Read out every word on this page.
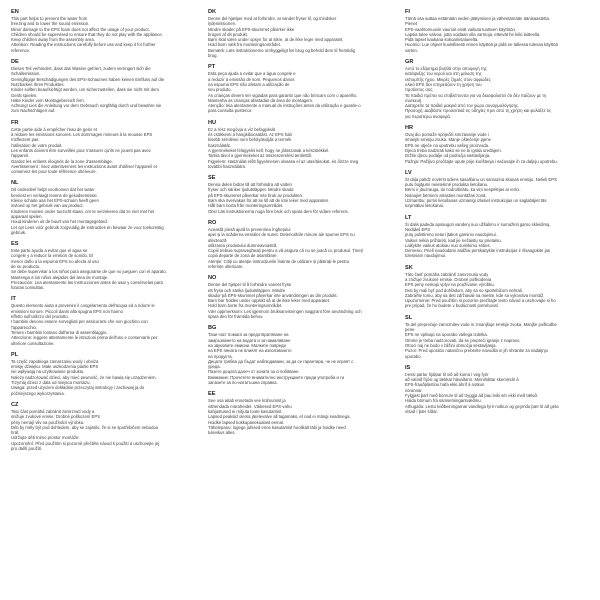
EN
This part helps to prevent the water from
freezing and to lower the sound emission.
Minor damage to the EPS foam does not affect the usage of your product.
Children should be supervised to ensure that they do not play with the appliance.
Keep children away from the assembly area.
Attention: Reading the instructions carefully before use and keep it for further
reference.
DE
Dieses Teil verhindert, dass das Wasser gefriert, zudem verringert sich die
Schallemission.
Geringfügige Beschädigungen des EPS-Schaumes haben keinen Einfluss auf die
Nutzbarkeit Ihres Produktes.
Kinder sollten beaufsichtigt werden, um sicherzustellen, dass sie nicht mit dem
Gerät spielen.
Halte Kinder vom Montagebereich fern.
Achtung! Lies die Anleitung vor dem Gebrauch sorgfältig durch und bewahre sie
zum Nachschlagen auf.
FR
Cette partie aide à empêcher l'eau de geler et
à réduire les émissions sonores. Les dommages mineurs à la mousse EPS
n'affectent pas
l'utilisation de votre produit.
Les enfants doivent être surveillés pour s'assurer qu'ils ne jouent pas avec
l'appareil.
Gardez les enfants éloignés de la zone d'assemblage.
Avertissement : lisez attentivement les instructions avant d'utiliser l'appareil et
conservez-les pour toute référence ultérieure.
NL
Dit onderdeel helpt voorkomen dat het water
bevriest en verlaagt tevens de geluidsemissie.
Kleine schade aan het EPS-schuim heeft geen
invloed op het gebruik van uw product.
Kinderen moeten onder toezicht staan, om te verzekeren dat ze niet met het
apparaat spelen.
Houd kinderen uit de buurt van het montagegebied.
Let op! Lees vóór gebruik zorgvuldig de instructies en bewaar ze voor toekomstig
gebruik.
ES
Esta parte ayuda a evitar que el agua se
congele y a reducir la emisión de sonido. El
menor daño a la espuma EPS no afecta al uso
de su producto.
Se debe supervisar a los niños para asegurarse de que no jueguen con el aparato.
Mantenga a los niños alejados del área de montaje.
Precaución: Lea atentamente las instrucciones antes de usar y consérvelas para
futuras consultas.
IT
Questo elemento aiuta a prevenire il congelamento dell'acqua ed a ridurre le
emissioni sonore. Piccoli danni alla spugna EPS non hanno
effetto sull'utilizzo del prodotto.
I bambini devono essere sorvegliati per assicurarsi che non giochino con
l'apparecchio.
Tenere i bambini lontano dall'area di assemblaggio.
Attenzione: leggere attentamente le istruzioni prima dell'uso e conservarle per
ulteriore consultazione.
PL
Ta część zapobiega zamarzaniu wody i obniża
emisję dźwięku. Małe uszkodzenia pianki EPS
nie wpływają na użytkowanie produktu.
Należy nadzorować dzieci, aby mieć pewność, że nie bawią się urządzeniem.
Trzymaj dzieci z dala od miejsca montażu.
Uwaga: przed użyciem dokładnie przeczytaj instrukcję i zachowaj ją do
późniejszego wykorzystania.
CZ
Tato část pomáhá zabránit zamrznutí vody a
snižuje zvukové emise. Drobné poškození EPS
pěny nemají vliv na používání výrobku.
Děti by měly být pod dohledem, aby se zajistilo, že si se spotřebičem nebudou
hrát.
Udržujte děti mimo prostor montáže.
Upozornění: Před použitím si pozorně přečtěte návod k použití a uschovejte jej
pro další použití.
DK
Denne del hjælper med at forhindre, at vandet fryser til, og mindsker
lydemissionen.
Mindre skader på EPS-skummet påvirker ikke
brugen af dit produkt.
Børn skal være under opsyn for at sikre, at de ikke leger med apparatet.
Hold børn væk fra monteringsområdet.
Bemærk: Læs instruktionerne omhyggeligt før brug og behold dem til fremtidig
brug.
PT
Esta peça ajuda a evitar que a água congele e
a reduzir a emissão de som. Pequenos danos
na espuma EPS não afetam a utilização de
seu produto.
As crianças devem ser vigiadas para garantir que não brincam com o aparelho.
Mantenha as crianças afastadas da área de montagem.
Atenção: leia atentamente a manual de instruções antes da utilização e guarde-o
para consulta posterior.
HU
Ez a rész megóvja a víz befagyását
és csökkenti a hangkibocsátást. Az EPS hab
kisebb sérülései nem befolyásolják a termék
használatát.
A gyermekeket felügyelni kell, hogy ne játsszanak a készülékkel.
Tartsa távol a gyermekeket az összeszerelési területtől.
Figyelem: Használat előtt figyelmesen olvassa el az utasításokat, és őrizze meg
további használatra.
SE
Denna delen bidrar till att förhindra att vatten
fryser och sänker ljudutsläppet. Mindre skada
på EPS-skummet påverkar inte bruk av produkten.
Barn ska övervakas för att se till att de inte leker med apparaten.
Håll barn borta från monteringsområdet.
Obs! Läs instruktionerna noga före bruk och spara dem för vidare referens.
RO
Această piesă ajută la prevenirea înghețului
apei și la scăderea emisiilor de sunet. Deteriorările minore ale spumei EPS nu
afectează
utilizarea produsului dumneavoastră.
Copiii trebuie supravegheați pentru a vă asigura că nu se joacă cu produsul. Țineți
copiii departe de zona de asamblare.
Atenție: Citiți cu atenție instrucțiunile înainte de utilizare și păstrați-le pentru
referințe ulterioare.
NO
Denne del hjelper til å forhindre vannet fryse
ett frysa och sänka ljudutsläppen. Mindre
skador på EPS-skummet påverkar inte användningen av din produkt.
Barn bør holdes under oppsikt så at de ikke leker med apparatet.
Hold barn borte fra monteringsområdet.
Vær oppmerksom: Les igjennom bruksanvisningen nøggrant före användning och
spara den för framtida behov.
BG
Тази част помага за предотвратяване на
замръзването на водата и за намаляване
на звуковите емисии. Малките повреди
на EPS пяната не влияят на използването
на продукта.
Децата трябва да бъдат наблюдавани, за да се гарантира, че не играят с
уреда.
Пазете децата далеч от зоната за сглобяване.
Внимание: Прочетете внимателно инструкциите преди употреба и ги
запазете за по-нататъшна справка.
EE
See osa aitab ennetada vee külmumist ja
vähendada müraheidet. Väikesed EPS-vahu
kahjustused ei mõjuta toote kasutamist.
Lapsed peaksid olema järelevalve all tagamaks, et nad ei mängi seadmega.
Hoidke lapsed kokkupanekualast eemal.
Tähelepanu: lugege juhised enne kasutamist hoolikalt läbi ja hoidke need
tulevikus alles.
FI
Tämä osa auttaa estämään veden jäätymisen ja vähentämään äänisaastetta.
Pienet
EPS-vaahtomuovin vaurioit eivät vaikuta tuotteen käyttöön.
Lapsia tulee valvoa, jotta voidaan olla varmoja, etteivät he leiki laitteella.
Pidä lapset kaukana kokoamisalueelta.
Huomio: Lue ohjeet huolellisesti ennen käyttöä ja pidä ne tallessa tulevaa käyttöä
varten.
GR
Αυτό το εξάρτημα βοηθά στην αποφυγή της
κατάψυξης του νερού και στη μείωση της
εκπομπής ήχου. Μικρές ζημιές στον αφρώδες
υλικό EPS δεν επηρεάζουν τη χρήση του
προϊόντος σας.
Τα παιδιά πρέπει να επιβλέπονται για να διασφαλιστεί ότι δεν παίζουν με τη
συσκευή.
Διατηρείτε τα παιδιά μακριά από τον χώρο συναρμολόγησης.
Προσοχή: Διαβάστε προσεκτικά τις οδηγίες πριν από τη χρήση και φυλάξτε τις
για περαιτέρω αναφορά.
HR
Ovaj dio pomaže spriječiti smrzavanje vode i
smanjiti emisiju zvuka. Manje oštećenje pjene
EPS ne utječe na upotrebu vašeg proizvoda.
Djeca treba nadzirati kako se ne bi igrala uređajem.
Držite djecu podalje od područja sastavljanja.
Pažnja: Pažljivo pročitajte upute prije korištenja i sačuvajte ih za daljnju upotrebu.
LV
Šī daļa palīdz novērst ūdens sasalšanu un samazina skaņas emisiju. Nelieli EPS
putu bojājumi neietekmē produkta lietošanu.
Bērni ir jāuzrauga, lai nodrošinātu, ka viņi nespēlējas ar ierīci.
Neļaujiet bērniem atrasties montāžas zonā.
Uzmanību: pirms lietošanas uzmanīgi izlasiet instrukcijas un saglabājiet tās
turpmākai lietošanai.
LT
Ši dalis padeda apsaugoti vandenį nuo užšalimo ir sumažinti garso skleidimą.
Nedideli EPS
putų polistireno neturi įtakos gaminio naudojimui.
Vaikus reikia prižiūrėti, kad jie nežaistų su prietaisu.
Laikykite vaikus atokiau nuo surinkimo srities.
Dėmesio: Prieš naudodami atidžiai perskaitykite instrukcijas ir išsaugokite jas
tolesniam naudojimui.
SK
Táto časť pomáha zabrániť zamrznutiu vody
a znižuje zvukové emisie. Drobné poškodenia
EPS peny nemajú vplyv na používanie výrobku.
Deti by mali byť pod dohľadom, aby sa so spotrebičom nehrali.
Zabráňte tomu, aby sa deti zdržiavali na mieste, kde sa vykonáva montáž.
Upozornenie: Pred použitím si pozorne prečítajte tento návod a uschovajte si ho
pre prípad, že ho budete v budúcnosti potrebovať.
SL
Ta del preprečuje zamrznitev vode in zmanjšuje emisije zvoka. Manjše poškodbe
pene
EPS ne vplivajo na uporabo vašega izdelka.
Otroke je treba nadzorovati, da se prepreči igranje z napravo.
Otroci naj ne bodo v bližini območja sestavljanja.
Pozor: Pred uporabo natančno preberite navodila in jih shranite za nadaljnjo
uporabo.
IS
Þessi partur hjálpar til við að koma í veg fyrir
að vatnið frjósi og lækkar hávaðann. Minniháttar skemmdir á
EPS-frauðplastinu hafa ekki áhrif á notkun
vörunnar.
Fylgjast þarf með börnum til að tryggja að þau leiki sér ekki með tækið.
Haldu börnum frá samsetningarsvæðinu.
Athugaðu: Lestu leiðbeiningarnar vandlega fyrir notkun og geymdu þær til að geta
vísað í þær síðar.
